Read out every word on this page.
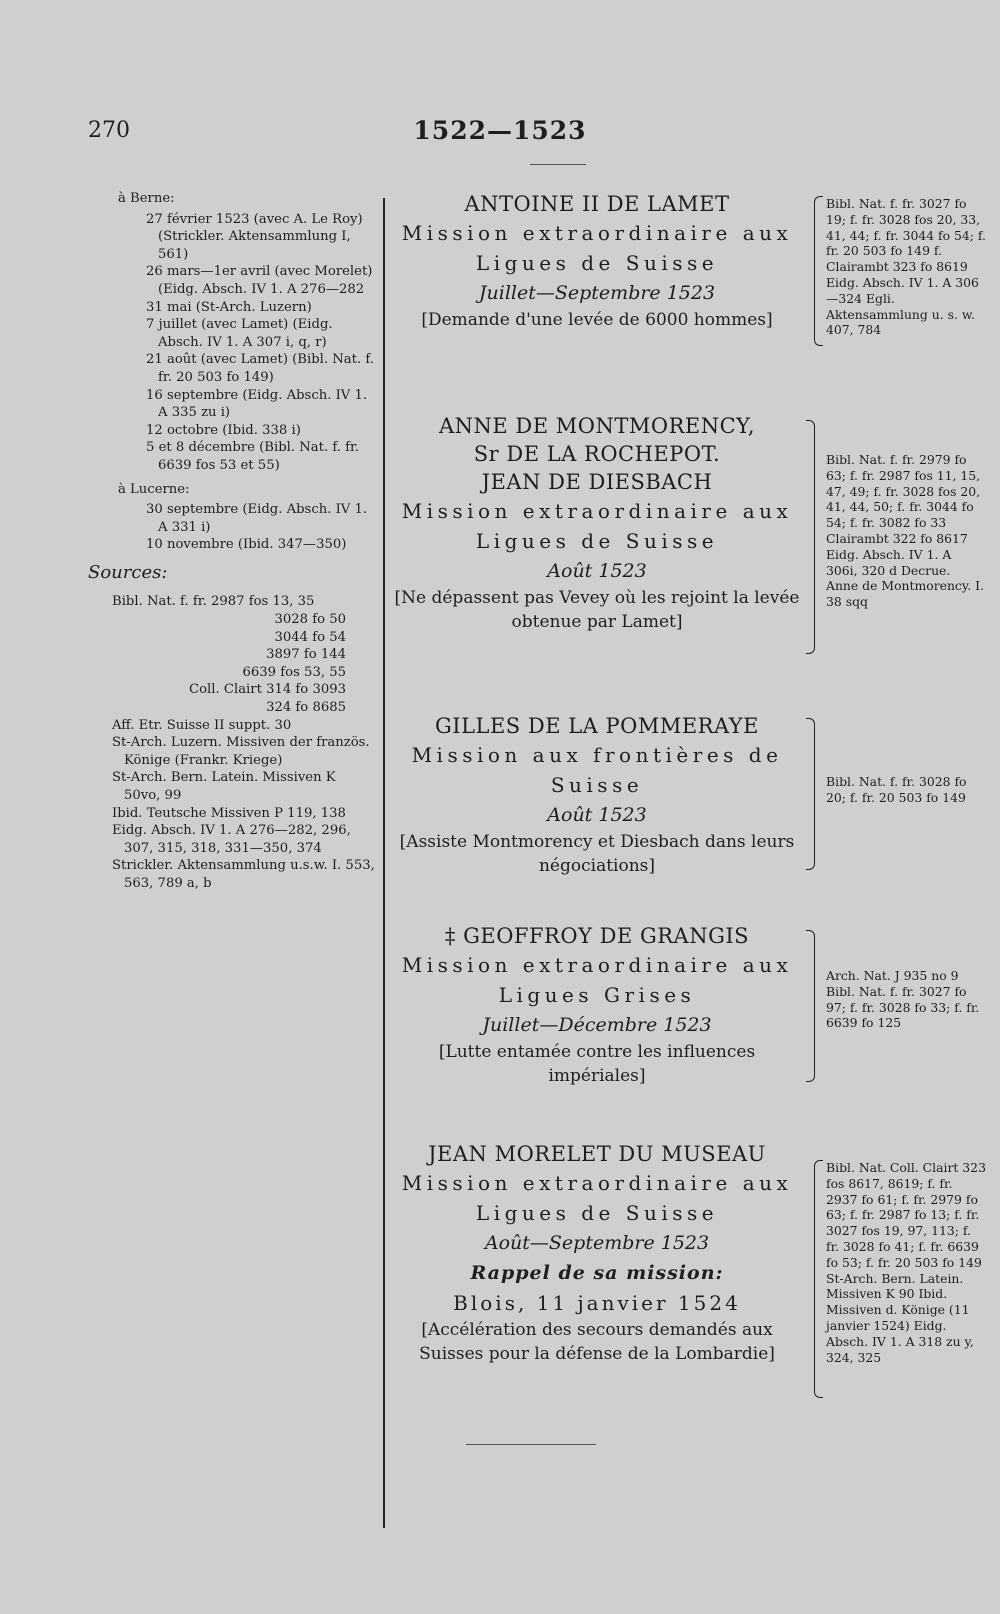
270	1522—1523
à Berne:
27 février 1523 (avec A. Le Roy) (Strickler. Aktensammlung I, 561)
26 mars—1er avril (avec Morelet) (Eidg. Absch. IV 1. A 276—282
31 mai (St-Arch. Luzern)
7 juillet (avec Lamet) (Eidg. Absch. IV 1. A 307 i, q, r)
21 août (avec Lamet) (Bibl. Nat. f. fr. 20 503 fo 149)
16 septembre (Eidg. Absch. IV 1. A 335 zu i)
12 octobre (Ibid. 338 i)
5 et 8 décembre (Bibl. Nat. f. fr. 6639 fos 53 et 55)
à Lucerne:
30 septembre (Eidg. Absch. IV 1. A 331 i)
10 novembre (Ibid. 347—350)
Sources:
Bibl. Nat. f. fr. 2987 fos 13, 35
3028 fo 50
3044 fo 54
3897 fo 144
6639 fos 53, 55
Coll. Clairt 314 fo 3093
324 fo 8685
Aff. Etr. Suisse II suppt. 30
St-Arch. Luzern. Missiven der französ. Könige (Frankr. Kriege)
St-Arch. Bern. Latein. Missiven K 50vo, 99
Ibid. Teutsche Missiven P 119, 138
Eidg. Absch. IV 1. A 276—282, 296, 307, 315, 318, 331—350, 374
Strickler. Aktensammlung u.s.w. I. 553, 563, 789 a, b
ANTOINE II DE LAMET
Mission extraordinaire aux
Ligues de Suisse
Juillet—Septembre 1523
[Demande d'une levée de 6000 hommes]
Bibl. Nat. f. fr. 3027 fo 19; f. fr. 3028 fos 20, 33, 41, 44; f. fr. 3044 fo 54; f. fr. 20 503 fo 149 f. Clairambt 323 fo 8619 Eidg. Absch. IV 1. A 306—324 Egli. Aktensammlung u. s. w. 407, 784
ANNE DE MONTMORENCY,
Sr DE LA ROCHEPOT.
JEAN DE DIESBACH
Mission extraordinaire aux
Ligues de Suisse
Août 1523
[Ne dépassent pas Vevey où les rejoint la levée obtenue par Lamet]
Bibl. Nat. f. fr. 2979 fo 63; f. fr. 2987 fos 11, 15, 47, 49; f. fr. 3028 fos 20, 41, 44, 50; f. fr. 3044 fo 54; f. fr. 3082 fo 33 Clairambt 322 fo 8617 Eidg. Absch. IV 1. A 306i, 320 d Decrue. Anne de Montmorency. I. 38 sqq
GILLES DE LA POMMERAYE
Mission aux frontières de Suisse
Août 1523
[Assiste Montmorency et Diesbach dans leurs négociations]
Bibl. Nat. f. fr. 3028 fo 20; f. fr. 20 503 fo 149
‡ GEOFFROY DE GRANGIS
Mission extraordinaire aux
Ligues Grises
Juillet—Décembre 1523
[Lutte entamée contre les influences impériales]
Arch. Nat. J 935 no 9 Bibl. Nat. f. fr. 3027 fo 97; f. fr. 3028 fo 33; f. fr. 6639 fo 125
JEAN MORELET DU MUSEAU
Mission extraordinaire aux
Ligues de Suisse
Août—Septembre 1523
Rappel de sa mission:
Blois, 11 janvier 1524
[Accélération des secours demandés aux Suisses pour la défense de la Lombardie]
Bibl. Nat. Coll. Clairt 323 fos 8617, 8619; f. fr. 2937 fo 61; f. fr. 2979 fo 63; f. fr. 2987 fo 13; f. fr. 3027 fos 19, 97, 113; f. fr. 3028 fo 41; f. fr. 6639 fo 53; f. fr. 20 503 fo 149 St-Arch. Bern. Latein. Missiven K 90 Ibid. Missiven d. Könige (11 janvier 1524) Eidg. Absch. IV 1. A 318 zu y, 324, 325
